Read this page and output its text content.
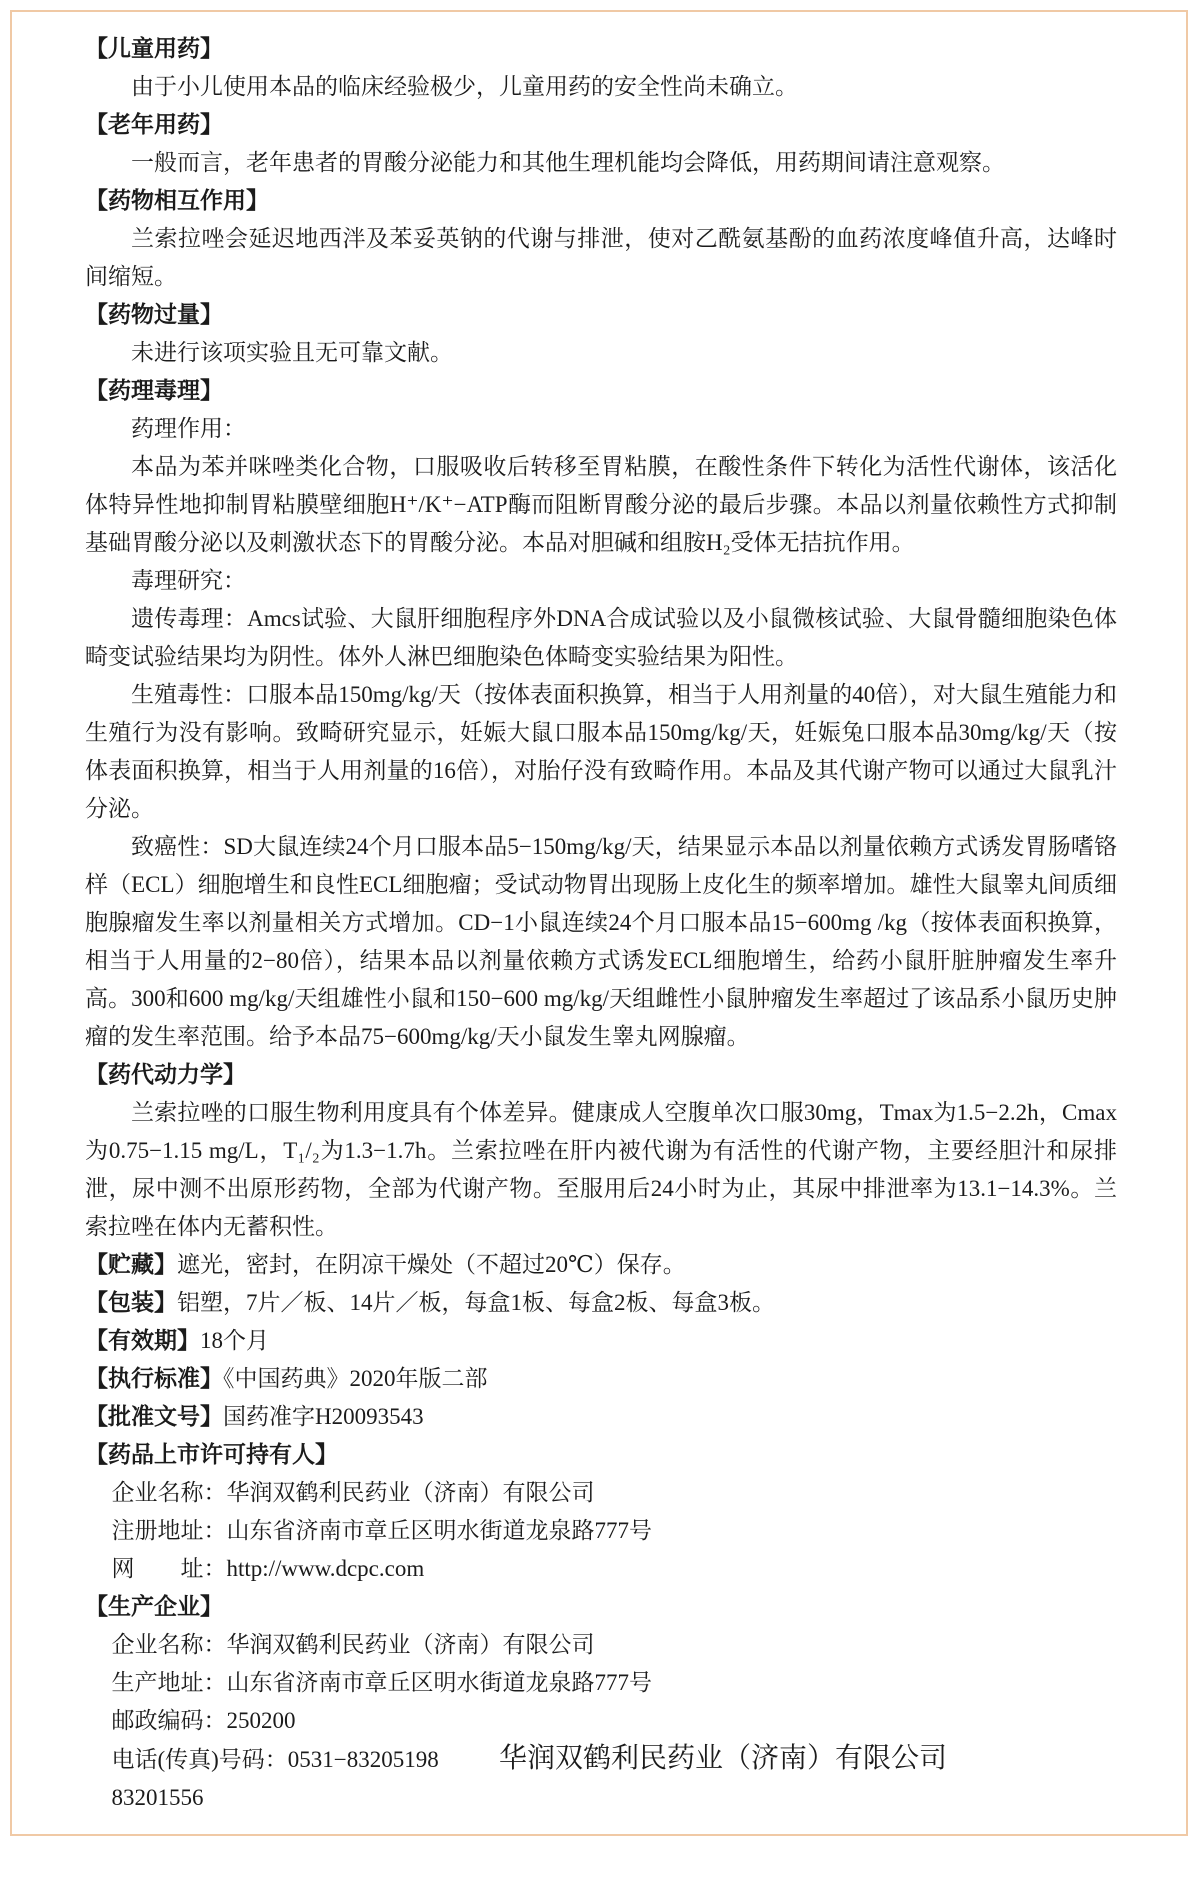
【儿童用药】
由于小儿使用本品的临床经验极少，儿童用药的安全性尚未确立。
【老年用药】
一般而言，老年患者的胃酸分泌能力和其他生理机能均会降低，用药期间请注意观察。
【药物相互作用】
兰索拉唑会延迟地西泮及苯妥英钠的代谢与排泄，使对乙酰氨基酚的血药浓度峰值升高，达峰时间缩短。
【药物过量】
未进行该项实验且无可靠文献。
【药理毒理】
药理作用：
本品为苯并咪唑类化合物，口服吸收后转移至胃粘膜，在酸性条件下转化为活性代谢体，该活化体特异性地抑制胃粘膜壁细胞H⁺/K⁺−ATP酶而阻断胃酸分泌的最后步骤。本品以剂量依赖性方式抑制基础胃酸分泌以及刺激状态下的胃酸分泌。本品对胆碱和组胺H₂受体无拮抗作用。
毒理研究：
遗传毒理：Amcs试验、大鼠肝细胞程序外DNA合成试验以及小鼠微核试验、大鼠骨髓细胞染色体畸变试验结果均为阴性。体外人淋巴细胞染色体畸变实验结果为阳性。
生殖毒性：口服本品150mg/kg/天（按体表面积换算，相当于人用剂量的40倍），对大鼠生殖能力和生殖行为没有影响。致畸研究显示，妊娠大鼠口服本品150mg/kg/天，妊娠兔口服本品30mg/kg/天（按体表面积换算，相当于人用剂量的16倍），对胎仔没有致畸作用。本品及其代谢产物可以通过大鼠乳汁分泌。
致癌性：SD大鼠连续24个月口服本品5−150mg/kg/天，结果显示本品以剂量依赖方式诱发胃肠嗜铬样（ECL）细胞增生和良性ECL细胞瘤；受试动物胃出现肠上皮化生的频率增加。雄性大鼠睾丸间质细胞腺瘤发生率以剂量相关方式增加。CD−1小鼠连续24个月口服本品15−600mg /kg（按体表面积换算，相当于人用量的2−80倍），结果本品以剂量依赖方式诱发ECL细胞增生，给药小鼠肝脏肿瘤发生率升高。300和600 mg/kg/天组雄性小鼠和150−600 mg/kg/天组雌性小鼠肿瘤发生率超过了该品系小鼠历史肿瘤的发生率范围。给予本品75−600mg/kg/天小鼠发生睾丸网腺瘤。
【药代动力学】
兰索拉唑的口服生物利用度具有个体差异。健康成人空腹单次口服30mg，Tmax为1.5−2.2h，Cmax为0.75−1.15 mg/L，T₁/₂为1.3−1.7h。兰索拉唑在肝内被代谢为有活性的代谢产物，主要经胆汁和尿排泄，尿中测不出原形药物，全部为代谢产物。至服用后24小时为止，其尿中排泄率为13.1−14.3%。兰索拉唑在体内无蓄积性。
【贮藏】遮光，密封，在阴凉干燥处（不超过20℃）保存。
【包装】铝塑，7片／板、14片／板，每盒1板、每盒2板、每盒3板。
【有效期】18个月
【执行标准】《中国药典》2020年版二部
【批准文号】国药准字H20093543
【药品上市许可持有人】
企业名称：华润双鹤利民药业（济南）有限公司
注册地址：山东省济南市章丘区明水街道龙泉路777号
网　　址：http://www.dcpc.com
【生产企业】
企业名称：华润双鹤利民药业（济南）有限公司
生产地址：山东省济南市章丘区明水街道龙泉路777号
邮政编码：250200
电话(传真)号码：0531−83205198　83201556
华润双鹤利民药业（济南）有限公司
